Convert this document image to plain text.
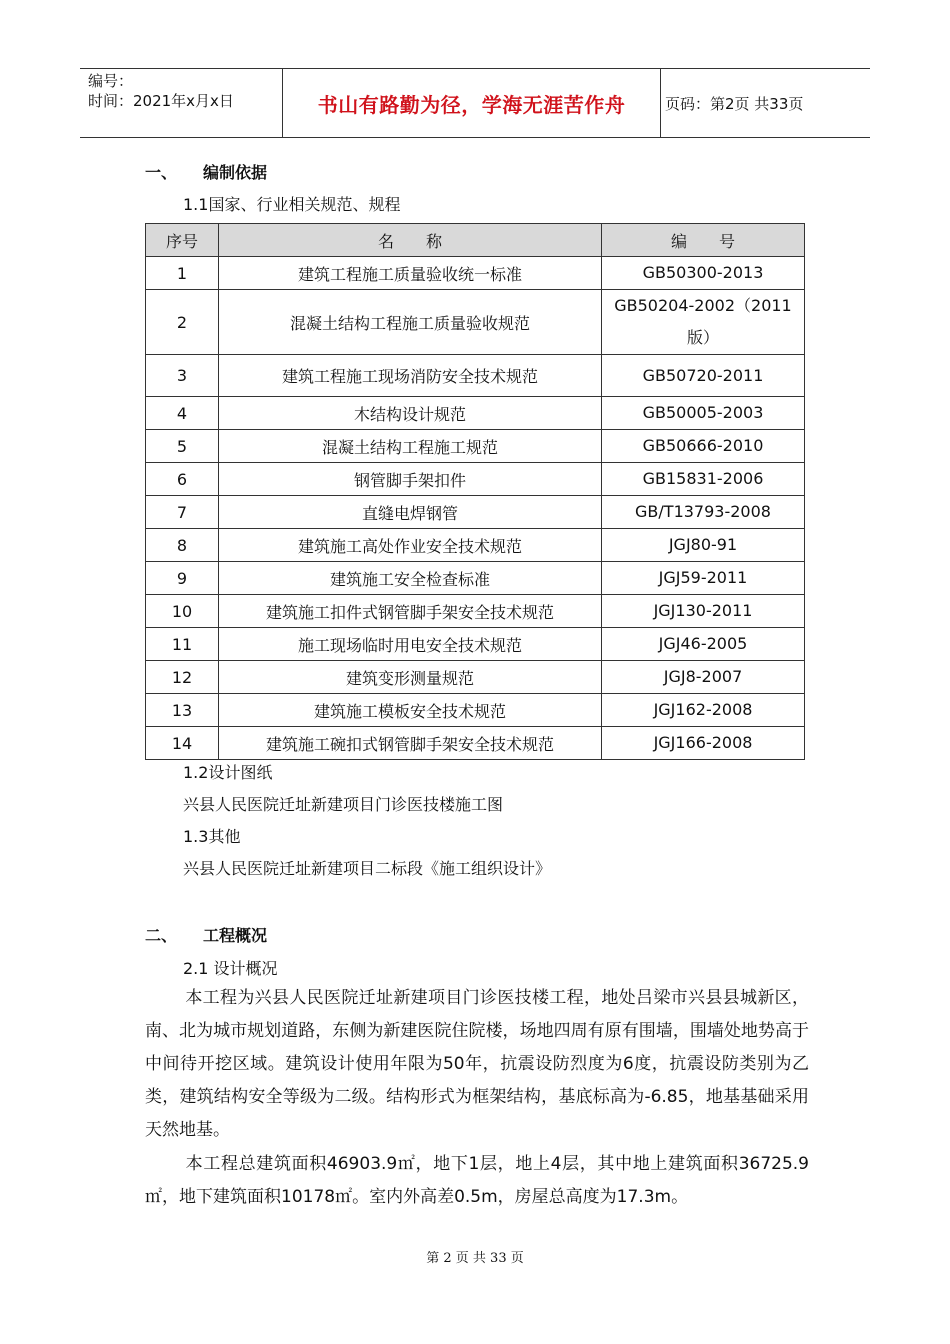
编号：
时间：2021年x月x日	书山有路勤为径，学海无涯苦作舟	页码：第2页 共33页
一、 编制依据
1.1国家、行业相关规范、规程
序号	名　　称	编　　号
1	建筑工程施工质量验收统一标准	GB50300-2013
2	混凝土结构工程施工质量验收规范	GB50204-2002（2011版）
3	建筑工程施工现场消防安全技术规范	GB50720-2011
4	木结构设计规范	GB50005-2003
5	混凝土结构工程施工规范	GB50666-2010
6	钢管脚手架扣件	GB15831-2006
7	直缝电焊钢管	GB/T13793-2008
8	建筑施工高处作业安全技术规范	JGJ80-91
9	建筑施工安全检查标准	JGJ59-2011
10	建筑施工扣件式钢管脚手架安全技术规范	JGJ130-2011
11	施工现场临时用电安全技术规范	JGJ46-2005
12	建筑变形测量规范	JGJ8-2007
13	建筑施工模板安全技术规范	JGJ162-2008
14	建筑施工碗扣式钢管脚手架安全技术规范	JGJ166-2008
1.2设计图纸
兴县人民医院迁址新建项目门诊医技楼施工图
1.3其他
兴县人民医院迁址新建项目二标段《施工组织设计》
二、 工程概况
2.1 设计概况
本工程为兴县人民医院迁址新建项目门诊医技楼工程，地处吕梁市兴县县城新区，南、北为城市规划道路，东侧为新建医院住院楼，场地四周有原有围墙，围墙处地势高于中间待开挖区域。建筑设计使用年限为50年，抗震设防烈度为6度，抗震设防类别为乙类，建筑结构安全等级为二级。结构形式为框架结构，基底标高为-6.85，地基基础采用天然地基。
本工程总建筑面积46903.9㎡，地下1层，地上4层，其中地上建筑面积36725.9㎡，地下建筑面积10178㎡。室内外高差0.5m，房屋总高度为17.3m。
第 2 页 共 33 页
